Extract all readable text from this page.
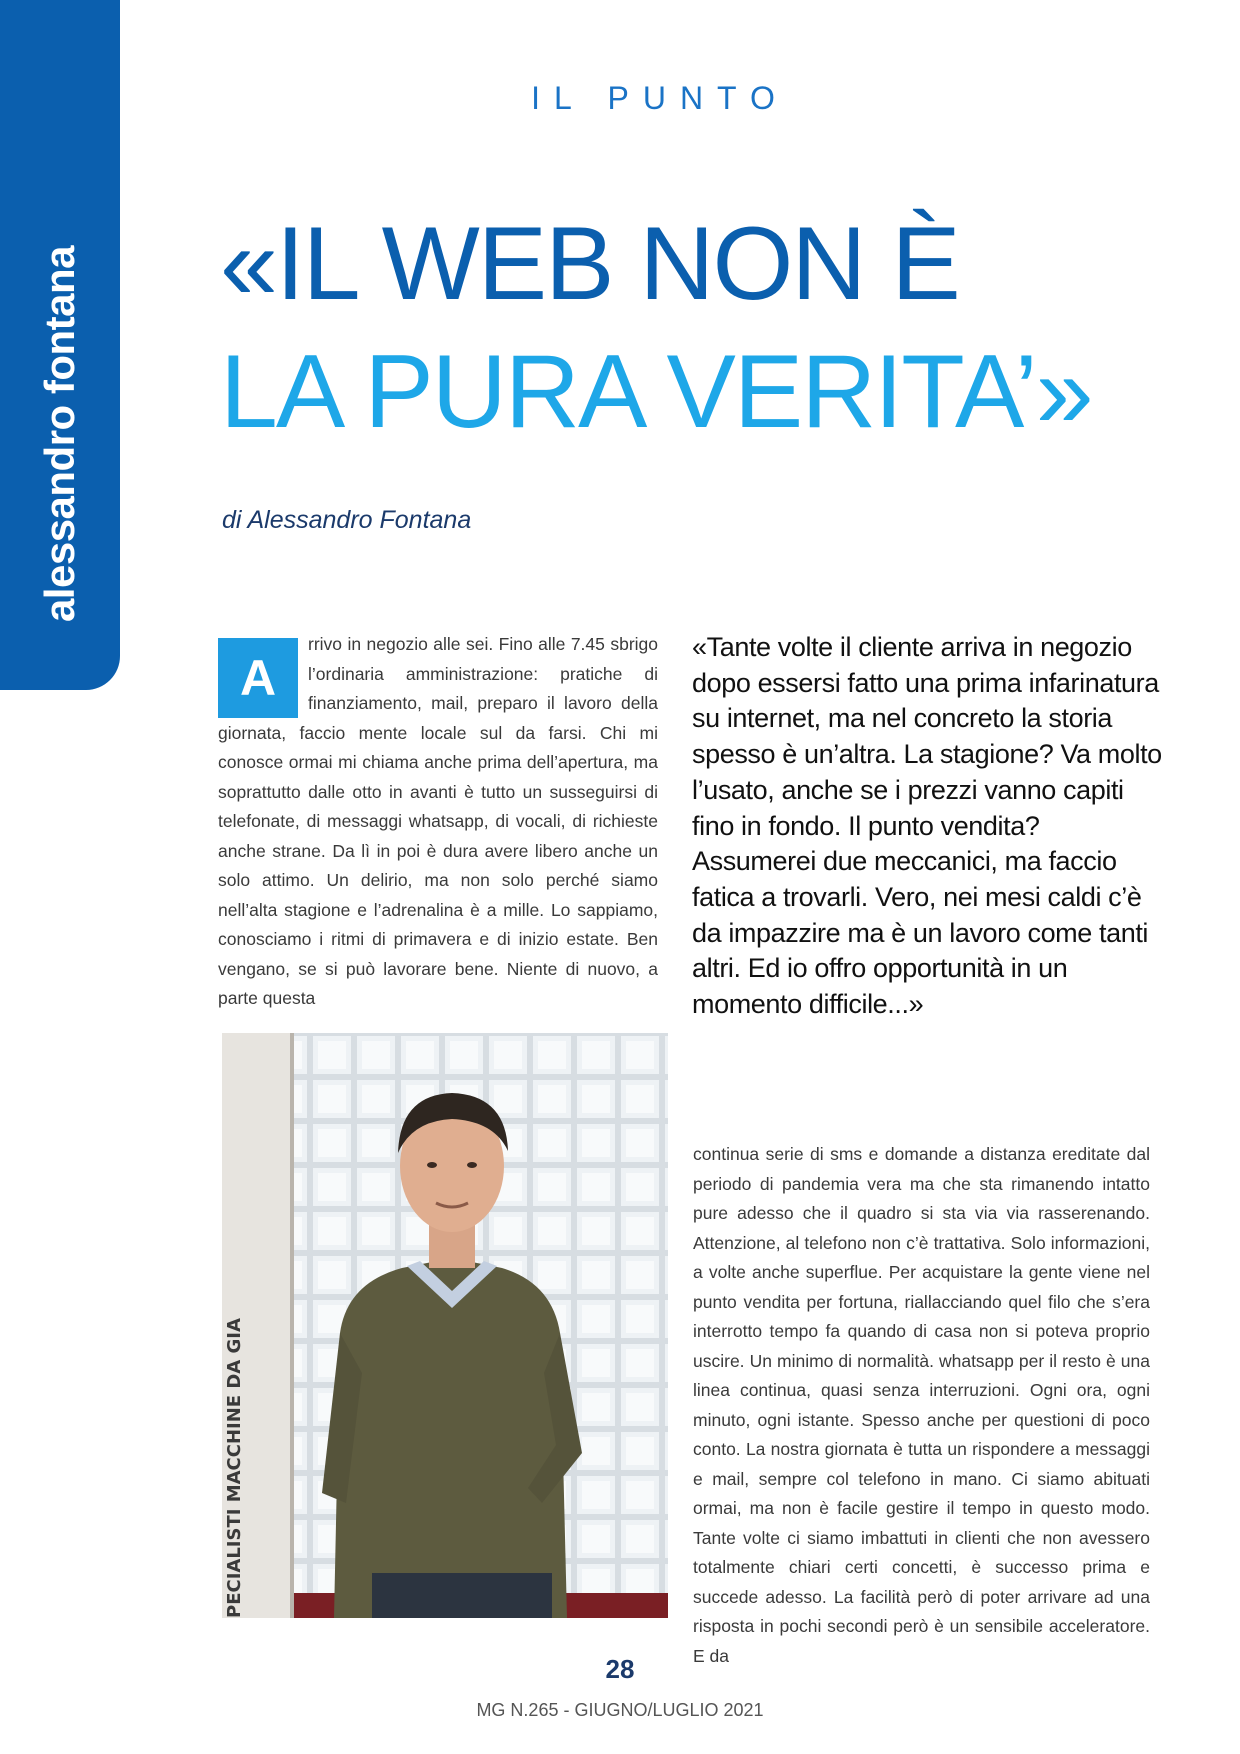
alessandro fontana
IL PUNTO
«IL WEB NON È
LA PURA VERITA’»
di Alessandro Fontana
A
rrivo in negozio alle sei. Fino alle 7.45 sbrigo l’ordinaria amministrazione: pratiche di finanziamento, mail, preparo il lavoro della giornata, faccio mente locale sul da farsi. Chi mi conosce ormai mi chiama anche prima dell’apertura, ma soprattutto dalle otto in avanti è tutto un susseguirsi di telefonate, di messaggi whatsapp, di vocali, di richieste anche strane. Da lì in poi è dura avere libero anche un solo attimo. Un delirio, ma non solo perché siamo nell’alta stagione e l’adrenalina è a mille. Lo sappiamo, conosciamo i ritmi di primavera e di inizio estate. Ben vengano, se si può lavorare bene. Niente di nuovo, a parte questa
«Tante volte il cliente arriva in negozio dopo essersi fatto una prima infarinatura su internet, ma nel concreto la storia spesso è un’altra. La stagione? Va molto l’usato, anche se i prezzi vanno capiti fino in fondo. Il punto vendita? Assumerei due meccanici, ma faccio fatica a trovarli. Vero, nei mesi caldi c’è da impazzire ma è un lavoro come tanti altri. Ed io offro opportunità in un momento difficile...»
PECIALISTI MACCHINE DA GIA
continua serie di sms e domande a distanza ereditate dal periodo di pandemia vera ma che sta rimanendo intatto pure adesso che il quadro si sta via via rasserenando. Attenzione, al telefono non c’è trattativa. Solo informazioni, a volte anche superflue. Per acquistare la gente viene nel punto vendita per fortuna, riallacciando quel filo che s’era interrotto tempo fa quando di casa non si poteva proprio uscire. Un minimo di normalità. whatsapp per il resto è una linea continua, quasi senza interruzioni. Ogni ora, ogni minuto, ogni istante. Spesso anche per questioni di poco conto. La nostra giornata è tutta un rispondere a messaggi e mail, sempre col telefono in mano. Ci siamo abituati ormai, ma non è facile gestire il tempo in questo modo. Tante volte ci siamo imbattuti in clienti che non avessero totalmente chiari certi concetti, è successo prima e succede adesso. La facilità però di poter arrivare ad una risposta in pochi secondi però è un sensibile acceleratore. E da
28
MG N.265 - GIUGNO/LUGLIO 2021
